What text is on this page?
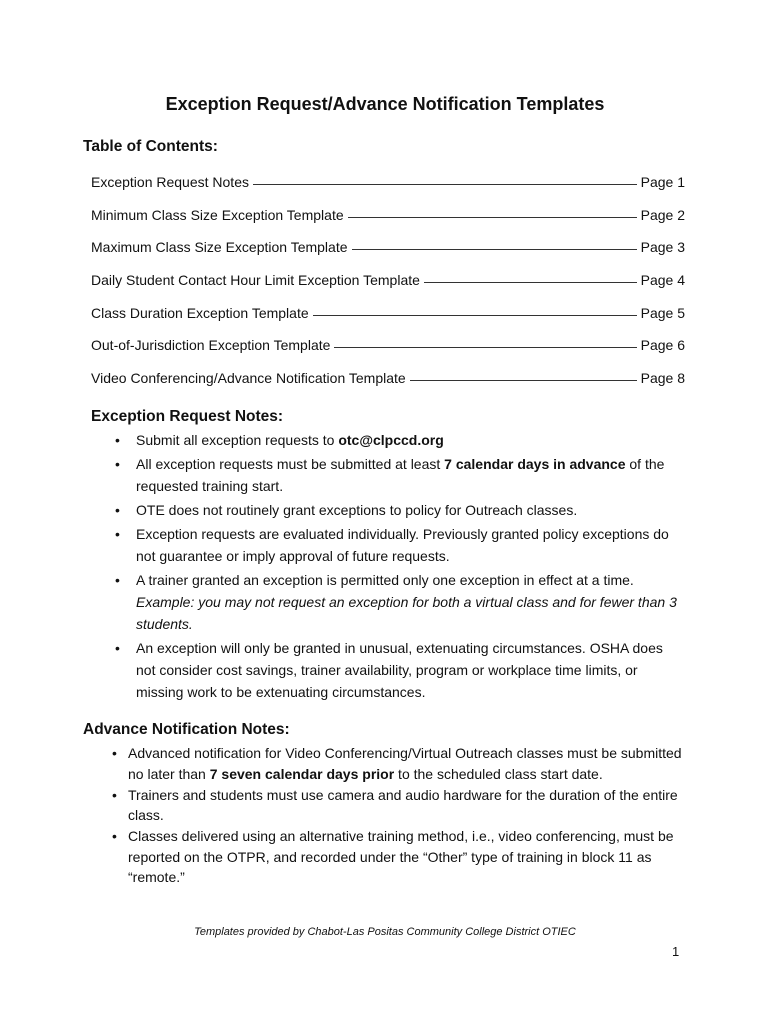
Exception Request/Advance Notification Templates
Table of Contents:
Exception Request Notes	Page 1
Minimum Class Size Exception Template	Page 2
Maximum Class Size Exception Template	Page 3
Daily Student Contact Hour Limit Exception Template	Page 4
Class Duration Exception Template	Page 5
Out-of-Jurisdiction Exception Template	Page 6
Video Conferencing/Advance Notification Template	Page 8
Exception Request Notes:
• Submit all exception requests to otc@clpccd.org
• All exception requests must be submitted at least 7 calendar days in advance of the requested training start.
• OTE does not routinely grant exceptions to policy for Outreach classes.
• Exception requests are evaluated individually. Previously granted policy exceptions do not guarantee or imply approval of future requests.
• A trainer granted an exception is permitted only one exception in effect at a time. Example: you may not request an exception for both a virtual class and for fewer than 3 students.
• An exception will only be granted in unusual, extenuating circumstances. OSHA does not consider cost savings, trainer availability, program or workplace time limits, or missing work to be extenuating circumstances.
Advance Notification Notes:
• Advanced notification for Video Conferencing/Virtual Outreach classes must be submitted no later than 7 seven calendar days prior to the scheduled class start date.
• Trainers and students must use camera and audio hardware for the duration of the entire class.
• Classes delivered using an alternative training method, i.e., video conferencing, must be reported on the OTPR, and recorded under the “Other” type of training in block 11 as “remote.”
Templates provided by Chabot-Las Positas Community College District OTIEC
1
